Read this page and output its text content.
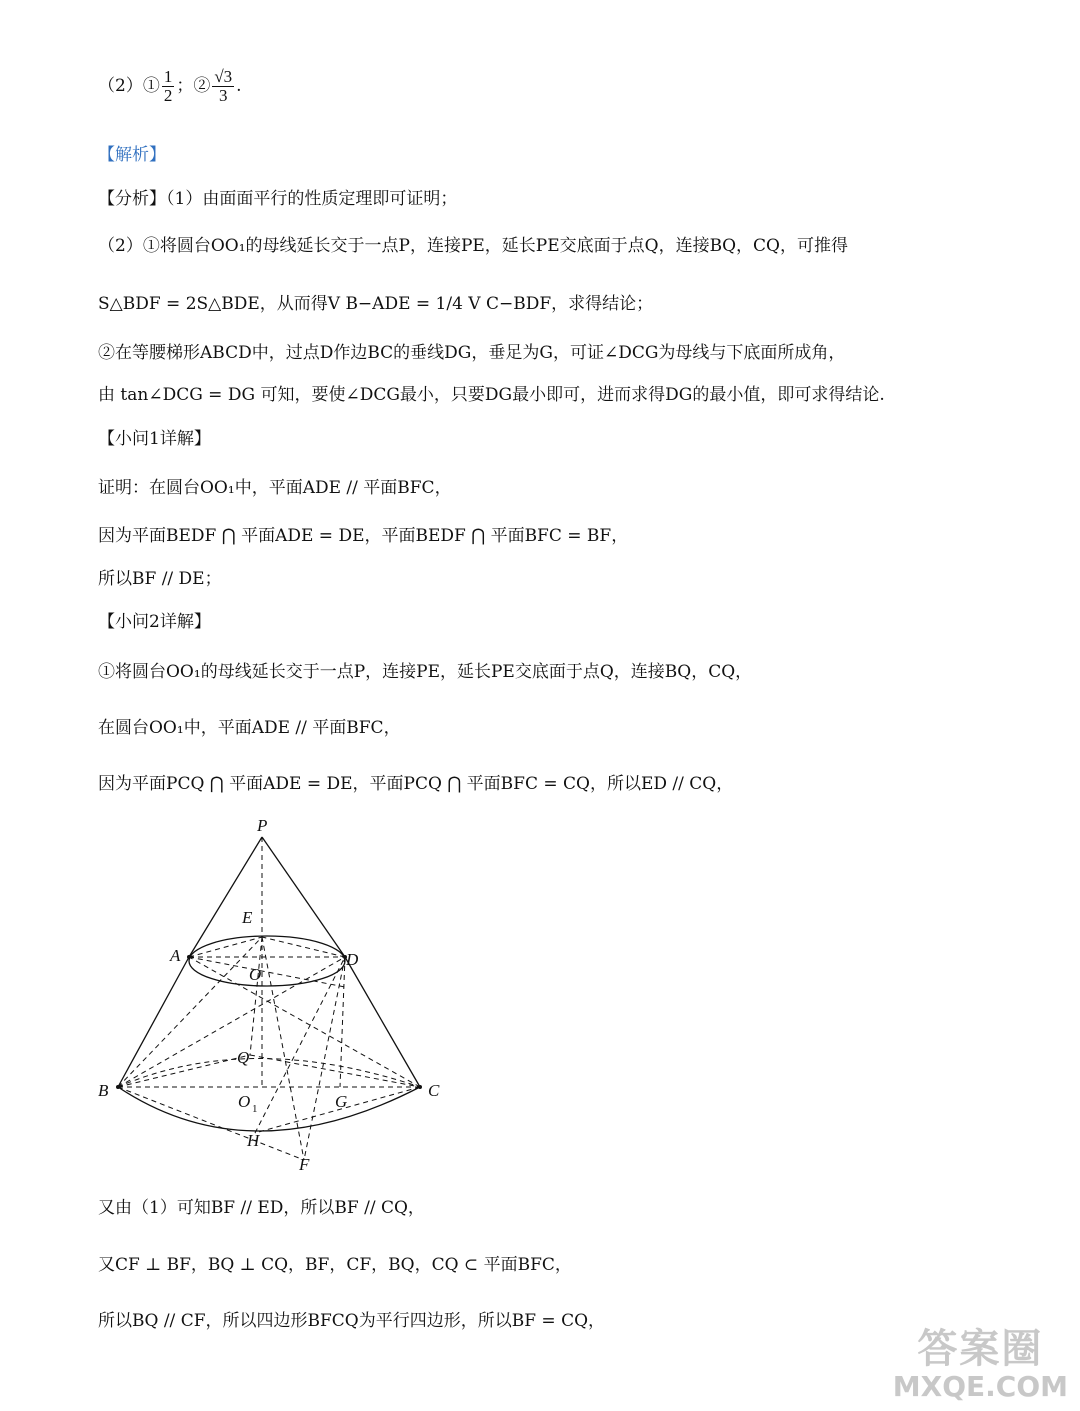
（2）① $\frac{1}{2}$ ；② $\frac{√3}{3}$ .
【解析】
【分析】（1）由面面平行的性质定理即可证明；
（2）①将圆台OO₁的母线延长交于一点P，连接PE，延长PE交底面于点Q，连接BQ，CQ，可推得
S△BDF = 2S△BDE，从而得V B−ADE = 1/4 V C−BDF，求得结论；
②在等腰梯形ABCD中，过点D作边BC的垂线DG，垂足为G，可证∠DCG为母线与下底面所成角，
由 tan∠DCG = DG 可知，要使∠DCG最小，只要DG最小即可，进而求得DG的最小值，即可求得结论.
【小问1详解】
证明：在圆台OO₁中，平面ADE // 平面BFC，
因为平面BEDF ⋂ 平面ADE = DE，平面BEDF ⋂ 平面BFC = BF，
所以BF // DE；
【小问2详解】
①将圆台OO₁的母线延长交于一点P，连接PE，延长PE交底面于点Q，连接BQ，CQ，
在圆台OO₁中，平面ADE // 平面BFC，
因为平面PCQ ⋂ 平面ADE = DE，平面PCQ ⋂ 平面BFC = CQ，所以ED // CQ，
P
E
A	D
O
Q
B	C
O 1	G
H
F
又由（1）可知BF // ED，所以BF // CQ，
又CF ⊥ BF，BQ ⊥ CQ，BF，CF，BQ，CQ ⊂ 平面BFC，
所以BQ // CF，所以四边形BFCQ为平行四边形，所以BF = CQ，
答案圈
MXQE.COM
